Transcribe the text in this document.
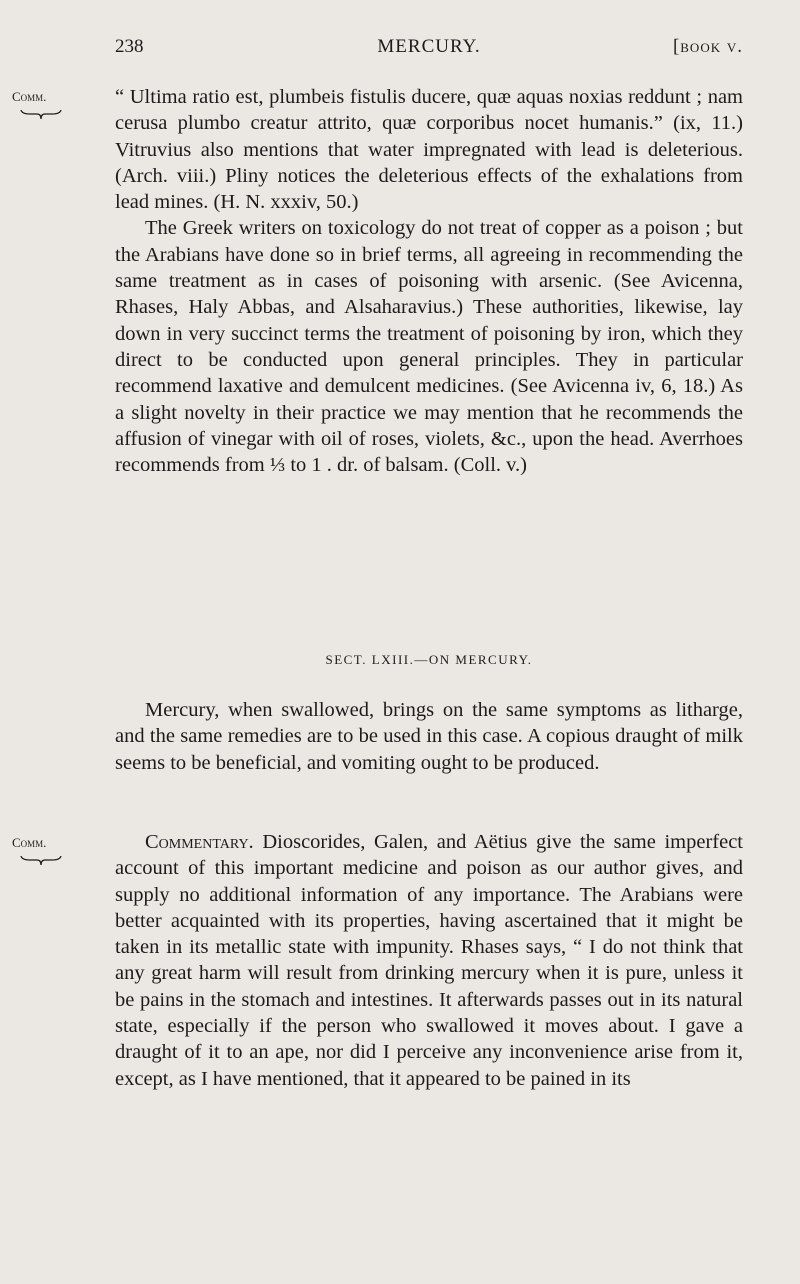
238	MERCURY.	[book v.
Comm.	“ Ultima ratio est, plumbeis fistulis ducere, quæ aquas noxias reddunt ; nam cerusa plumbo creatur attrito, quæ corporibus nocet humanis.” (ix, 11.) Vitruvius also mentions that water impregnated with lead is deleterious. (Arch. viii.) Pliny notices the deleterious effects of the exhalations from lead mines. (H. N. xxxiv, 50.)

The Greek writers on toxicology do not treat of copper as a poison ; but the Arabians have done so in brief terms, all agreeing in recommending the same treatment as in cases of poisoning with arsenic. (See Avicenna, Rhases, Haly Abbas, and Alsaharavius.) These authorities, likewise, lay down in very succinct terms the treatment of poisoning by iron, which they direct to be conducted upon general principles. They in particular recommend laxative and demulcent medicines. (See Avicenna iv, 6, 18.) As a slight novelty in their practice we may mention that he recommends the affusion of vinegar with oil of roses, violets, &c., upon the head. Averrhoes recommends from ⅓ to 1 . dr. of balsam. (Coll. v.)

SECT. LXIII.—ON MERCURY.

Mercury, when swallowed, brings on the same symptoms as litharge, and the same remedies are to be used in this case. A copious draught of milk seems to be beneficial, and vomiting ought to be produced.

Comm.	Commentary. Dioscorides, Galen, and Aëtius give the same imperfect account of this important medicine and poison as our author gives, and supply no additional information of any importance. The Arabians were better acquainted with its properties, having ascertained that it might be taken in its metallic state with impunity. Rhases says, “ I do not think that any great harm will result from drinking mercury when it is pure, unless it be pains in the stomach and intestines. It afterwards passes out in its natural state, especially if the person who swallowed it moves about. I gave a draught of it to an ape, nor did I perceive any inconvenience arise from it, except, as I have mentioned, that it appeared to be pained in its
